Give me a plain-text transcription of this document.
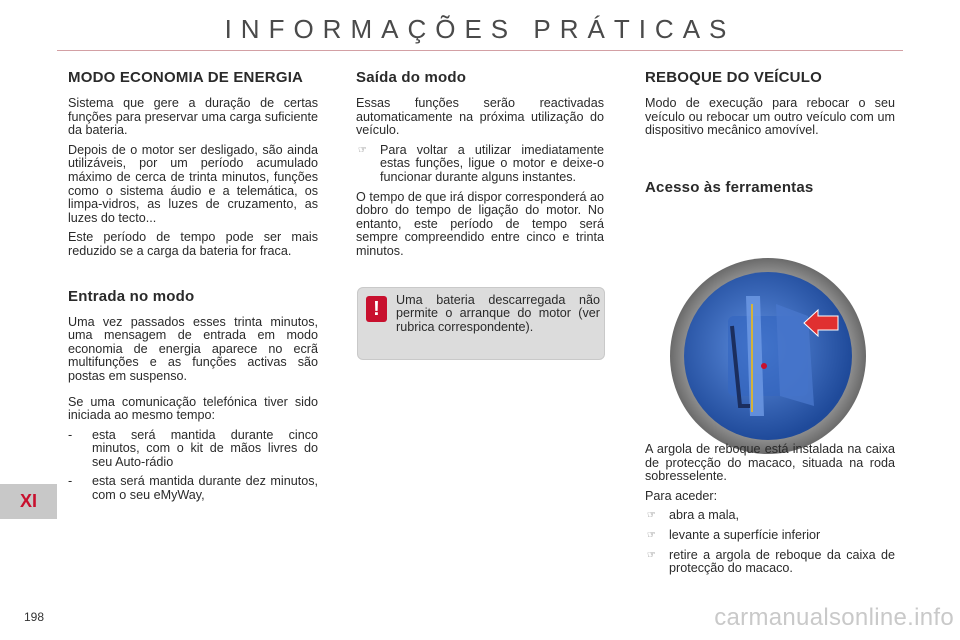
INFORMAÇÕES PRÁTICAS
MODO ECONOMIA DE ENERGIA

Sistema que gere a duração de certas funções para preservar uma carga suficiente da bateria.

Depois de o motor ser desligado, são ainda utilizáveis, por um período acumulado máximo de cerca de trinta minutos, funções como o sistema áudio e a telemática, os limpa-vidros, as luzes de cruzamento, as luzes do tecto...

Este período de tempo pode ser mais reduzido se a carga da bateria for fraca.

Entrada no modo

Uma vez passados esses trinta minutos, uma mensagem de entrada em modo economia de energia aparece no ecrã multifunções e as funções activas são postas em suspenso.

Se uma comunicação telefónica tiver sido iniciada ao mesmo tempo:

-	esta será mantida durante cinco minutos, com o kit de mãos livres do seu Auto-rádio
-	esta será mantida durante dez minutos, com o seu eMyWay,
Saída do modo

Essas funções serão reactivadas automaticamente na próxima utilização do veículo.

☞	Para voltar a utilizar imediatamente estas funções, ligue o motor e deixe-o funcionar durante alguns instantes.

O tempo de que irá dispor corresponderá ao dobro do tempo de ligação do motor. No entanto, este período de tempo será sempre compreendido entre cinco e trinta minutos.

!	Uma bateria descarregada não permite o arranque do motor (ver rubrica correspondente).
REBOQUE DO VEÍCULO

Modo de execução para rebocar o seu veículo ou rebocar um outro veículo com um dispositivo mecânico amovível.

Acesso às ferramentas

A argola de reboque está instalada na caixa de protecção do macaco, situada na roda sobresselente.

Para aceder:

☞	abra a mala,
☞	levante a superfície inferior
☞	retire a argola de reboque da caixa de protecção do macaco.
XI
198	carmanualsonline.info
